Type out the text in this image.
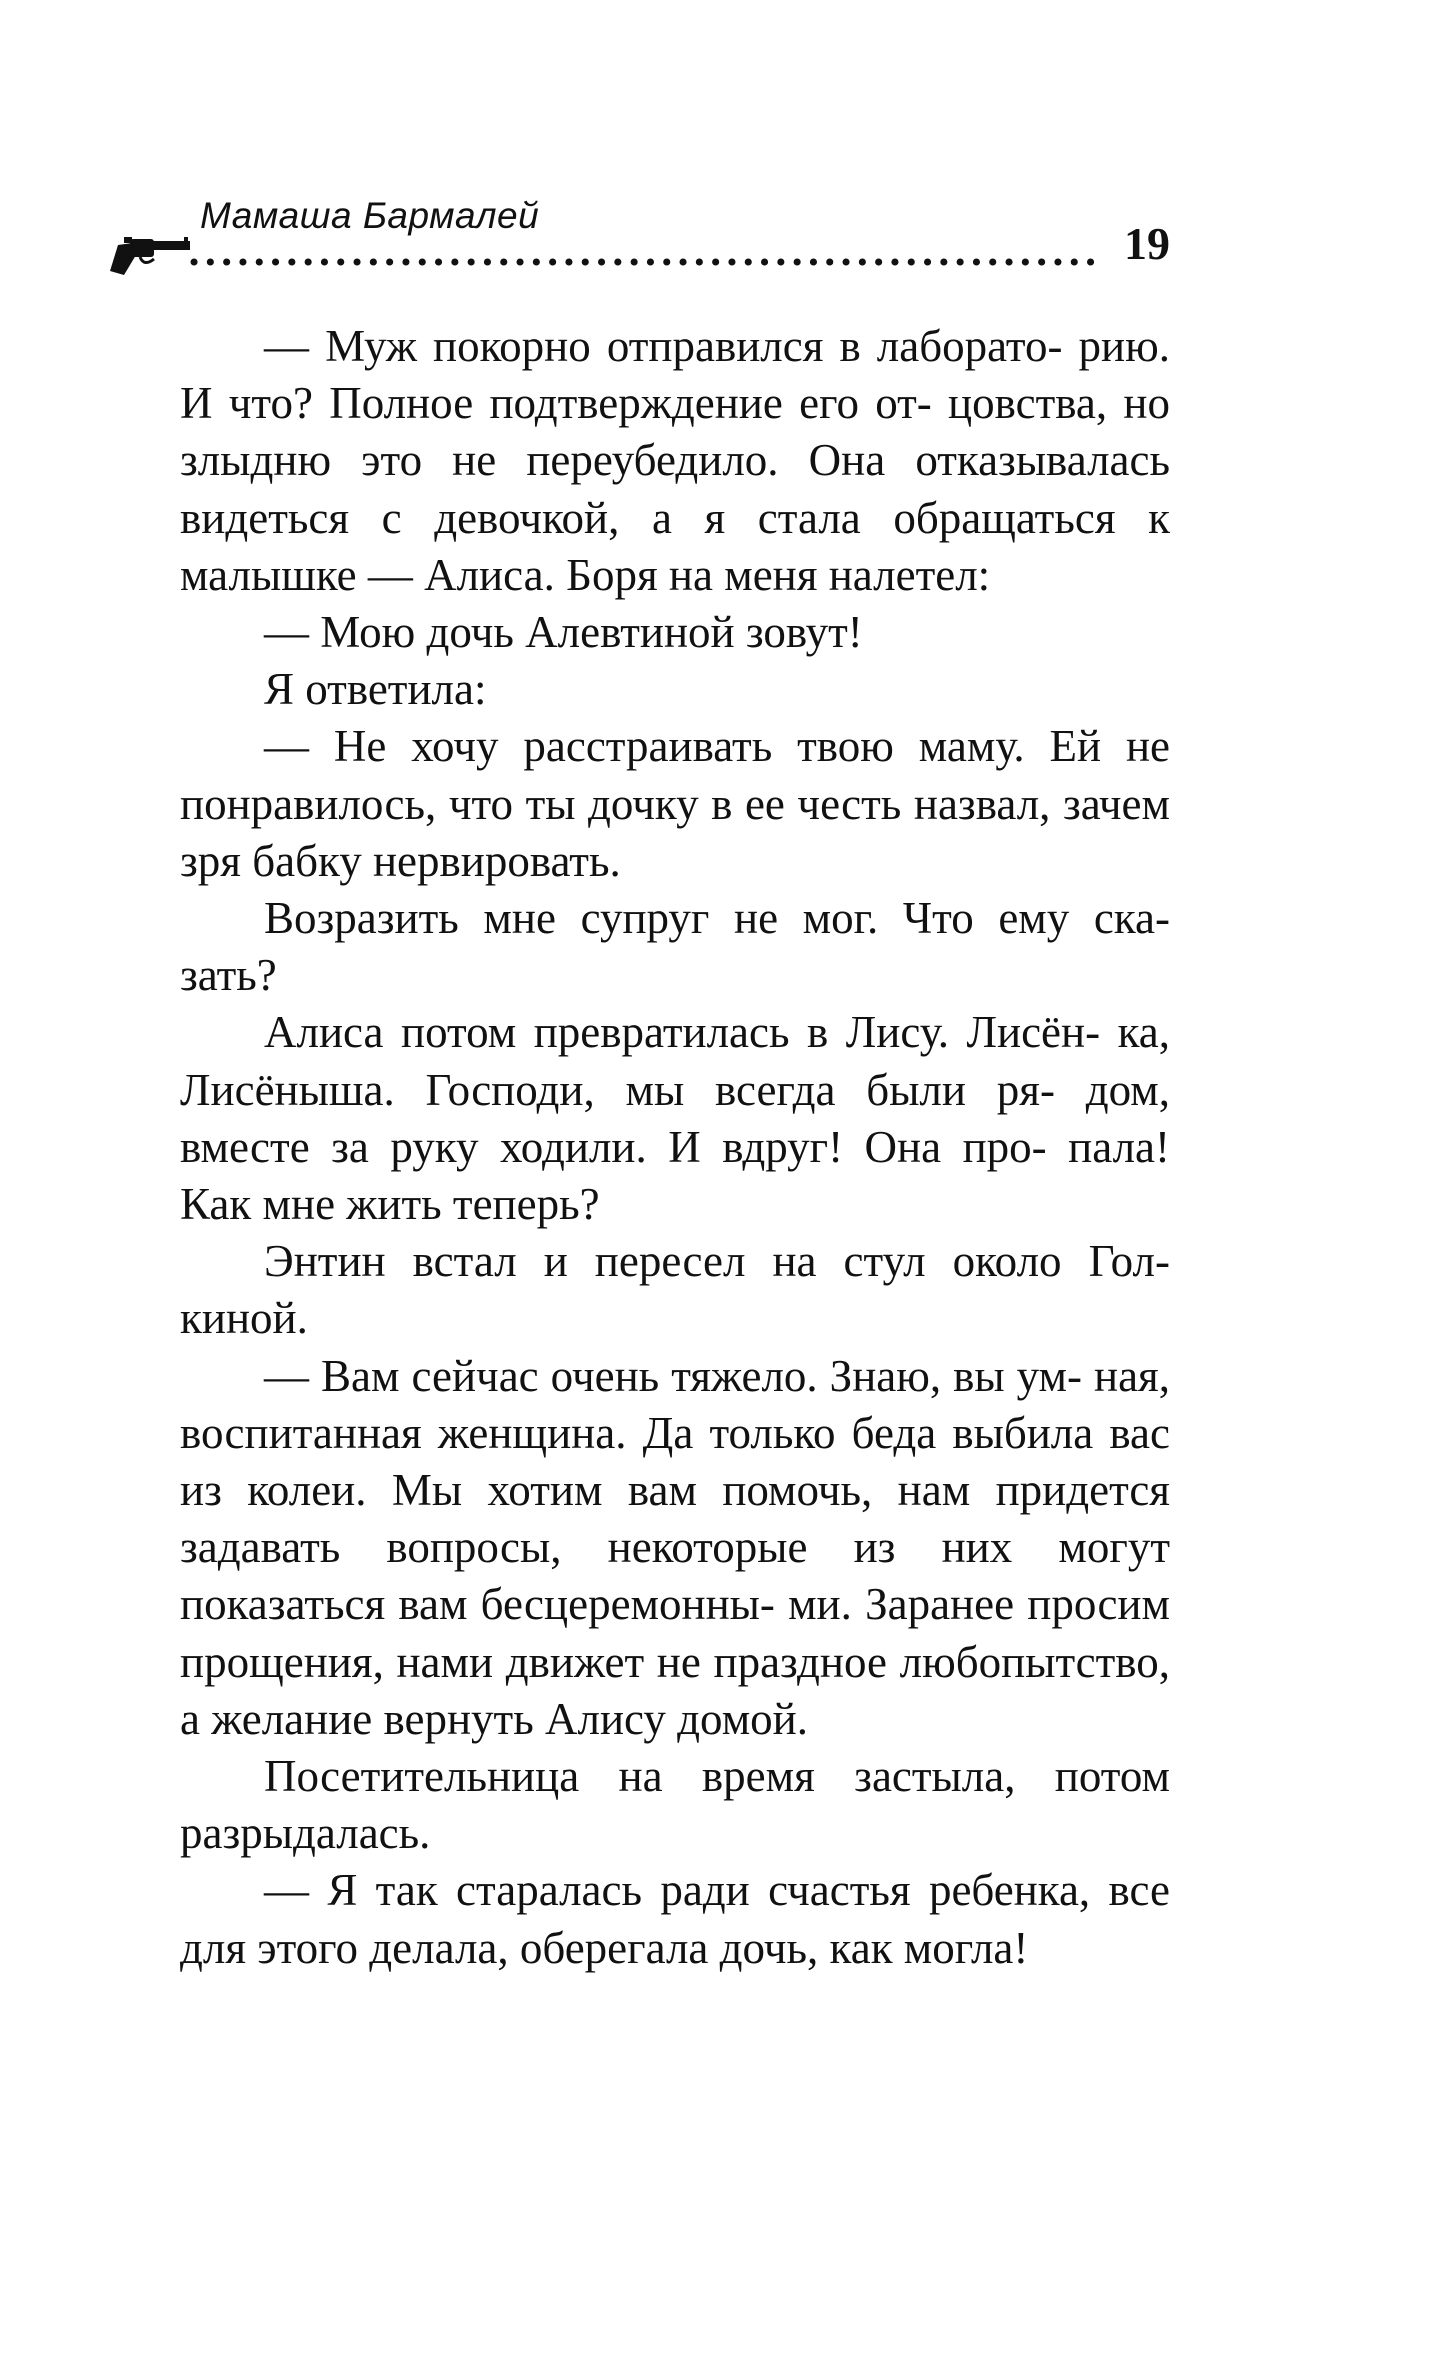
Мамаша Бармалей
19

— Муж покорно отправился в лаборато- рию. И что? Полное подтверждение его от- цовства, но злыдню это не переубедило. Она отказывалась видеться с девочкой, а я стала обращаться к малышке — Алиса. Боря на меня налетел:

— Мою дочь Алевтиной зовут!

Я ответила:

— Не хочу расстраивать твою маму. Ей не понравилось, что ты дочку в ее честь назвал, зачем зря бабку нервировать.

Возразить мне супруг не мог. Что ему ска- зать?

Алиса потом превратилась в Лису. Лисён- ка, Лисёныша. Господи, мы всегда были ря- дом, вместе за руку ходили. И вдруг! Она про- пала! Как мне жить теперь?

Энтин встал и пересел на стул около Гол- киной.

— Вам сейчас очень тяжело. Знаю, вы ум- ная, воспитанная женщина. Да только беда выбила вас из колеи. Мы хотим вам помочь, нам придется задавать вопросы, некоторые из них могут показаться вам бесцеремонны- ми. Заранее просим прощения, нами движет не праздное любопытство, а желание вернуть Алису домой.

Посетительница на время застыла, потом разрыдалась.

— Я так старалась ради счастья ребенка, все для этого делала, оберегала дочь, как могла!
